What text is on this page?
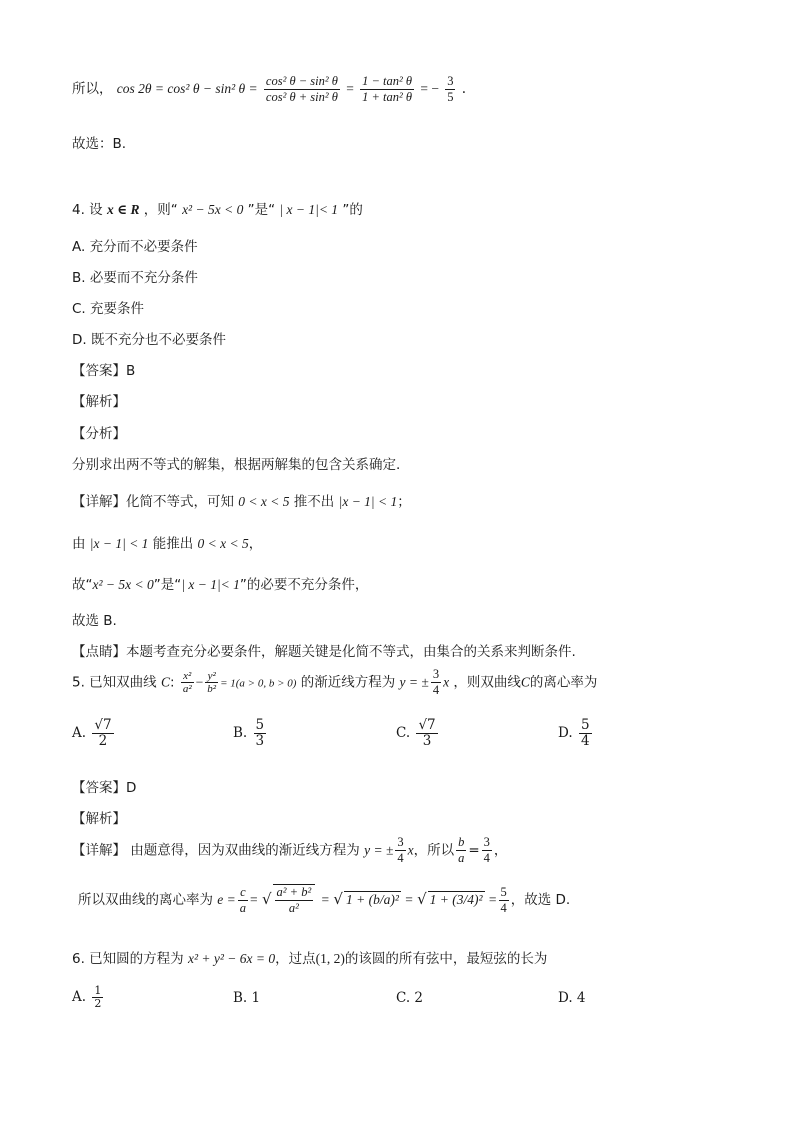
所以， cos 2θ = cos² θ − sin² $\theta = \frac{\text{cos² θ − sin² θ}}{\text{cos² θ + sin² θ}} = \frac{\text{1 − tan² θ}}{\text{1 + tan² θ}}$ = − $\frac{3}{5}$ .
故选：B.
4. 设 x ∈ R ，则“ x² − 5x < 0 ”是“ | x − 1|< 1 ”的
A. 充分而不必要条件
B. 必要而不充分条件
C. 充要条件
D. 既不充分也不必要条件
【答案】B
【解析】
【分析】
分别求出两不等式的解集，根据两解集的包含关系确定.
【详解】化简不等式，可知 0 < x < 5 推不出 |x − 1| < 1；
由 |x − 1| < 1 能推出 0 < x < 5，
故“x² − 5x < 0”是“| x − 1|< 1”的必要不充分条件，
故选 B.
【点睛】本题考查充分必要条件，解题关键是化简不等式，由集合的关系来判断条件.
5. 已知双曲线 C: $\frac{\text{x²}}{\text{a²}} - \frac{\text{y²}}{\text{b²}} = 1(a > 0$, b > 0) 的渐近线方程为 y = ± $\frac{3}{4}$ x ，则双曲线C的离心率为
A. $\frac{√7}{2}$	B. $\frac{5}{3}$	C. $\frac{√7}{3}$	D. $\frac{5}{4}$
【答案】D
【解析】
【详解】 由题意得，因为双曲线的渐近线方程为 y = ± $\frac{3}{4}$ x，所以 $\frac{b}{a} = \frac{3}{4}$ ，
所以双曲线的离心率为 $e = \frac{c}{a}$ = √ $\frac{\text{a² + b²}}{\text{a²}}$ = √ 1 + (b/a)² = √ $1 + (3/4)^2 = \frac{5}{4}$ ，故选 D.
6. 已知圆的方程为 x² + y² − 6x = 0，过点(1, 2)的该圆的所有弦中，最短弦的长为
A. $\frac{1}{2}$	B. 1	C. 2	D. 4
